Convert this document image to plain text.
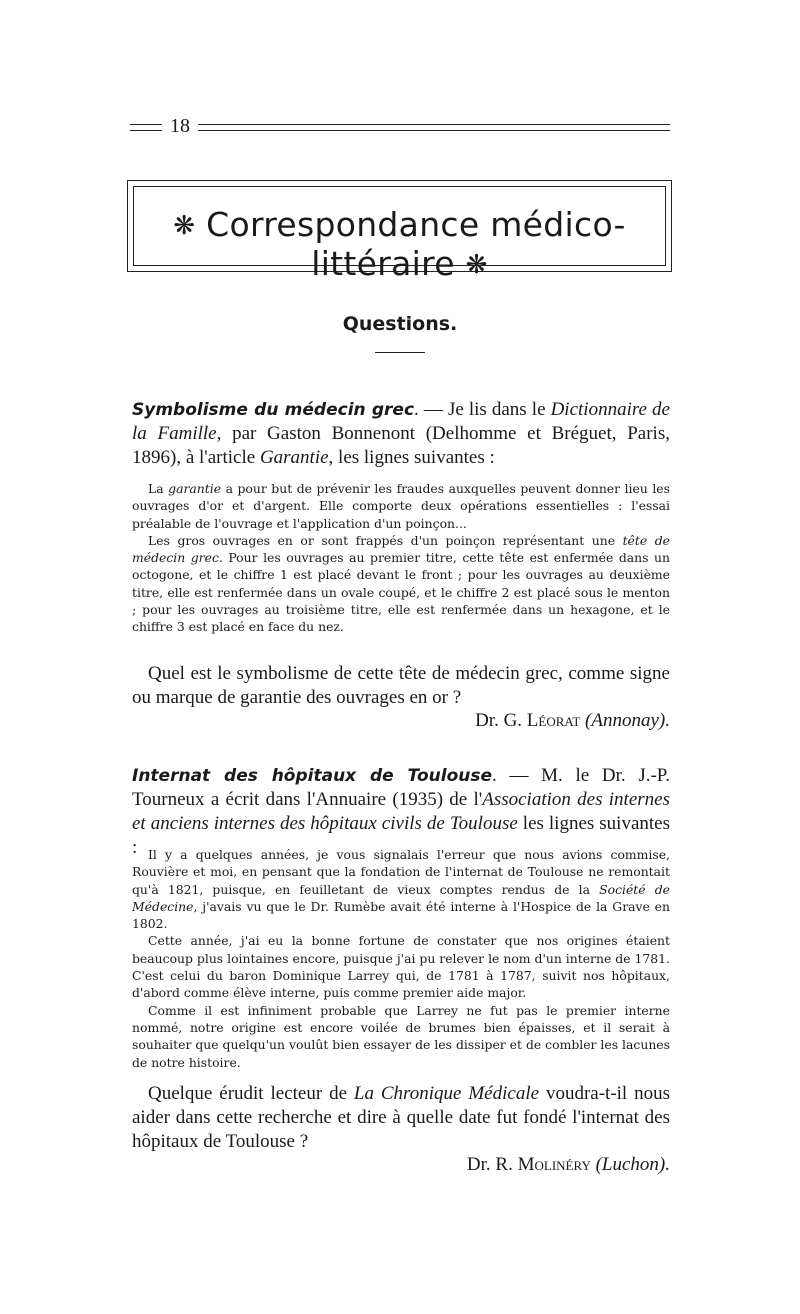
18
❋ Correspondance médico-littéraire ❋
Questions.
Symbolisme du médecin grec. — Je lis dans le Dictionnaire de la Famille, par Gaston Bonnenont (Delhomme et Bréguet, Paris, 1896), à l'article Garantie, les lignes suivantes :

La garantie a pour but de prévenir les fraudes auxquelles peuvent donner lieu les ouvrages d'or et d'argent. Elle comporte deux opérations essentielles : l'essai préalable de l'ouvrage et l'application d'un poinçon...

Les gros ouvrages en or sont frappés d'un poinçon représentant une tête de médecin grec. Pour les ouvrages au premier titre, cette tête est enfermée dans un octogone, et le chiffre 1 est placé devant le front ; pour les ouvrages au deuxième titre, elle est renfermée dans un ovale coupé, et le chiffre 2 est placé sous le menton ; pour les ouvrages au troisième titre, elle est renfermée dans un hexagone, et le chiffre 3 est placé en face du nez.

Quel est le symbolisme de cette tête de médecin grec, comme signe ou marque de garantie des ouvrages en or ?
Dr. G. Léorat (Annonay).
Internat des hôpitaux de Toulouse. — M. le Dr. J.-P. Tourneux a écrit dans l'Annuaire (1935) de l'Association des internes et anciens internes des hôpitaux civils de Toulouse les lignes suivantes : Il y a quelques années, je vous signalais l'erreur que nous avions commise, Rouvière et moi, en pensant que la fondation de l'internat de Toulouse ne remontait qu'à 1821, puisque, en feuilletant de vieux comptes rendus de la Société de Médecine, j'avais vu que le Dr. Rumèbe avait été interne à l'Hospice de la Grave en 1802.

Cette année, j'ai eu la bonne fortune de constater que nos origines étaient beaucoup plus lointaines encore, puisque j'ai pu relever le nom d'un interne de 1781. C'est celui du baron Dominique Larrey qui, de 1781 à 1787, suivit nos hôpitaux, d'abord comme élève interne, puis comme premier aide major.

Comme il est infiniment probable que Larrey ne fut pas le premier interne nommé, notre origine est encore voilée de brumes bien épaisses, et il serait à souhaiter que quelqu'un voulût bien essayer de les dissiper et de combler les lacunes de notre histoire.

Quelque érudit lecteur de La Chronique Médicale voudra-t-il nous aider dans cette recherche et dire à quelle date fut fondé l'internat des hôpitaux de Toulouse ?
Dr. R. Molinéry (Luchon).
